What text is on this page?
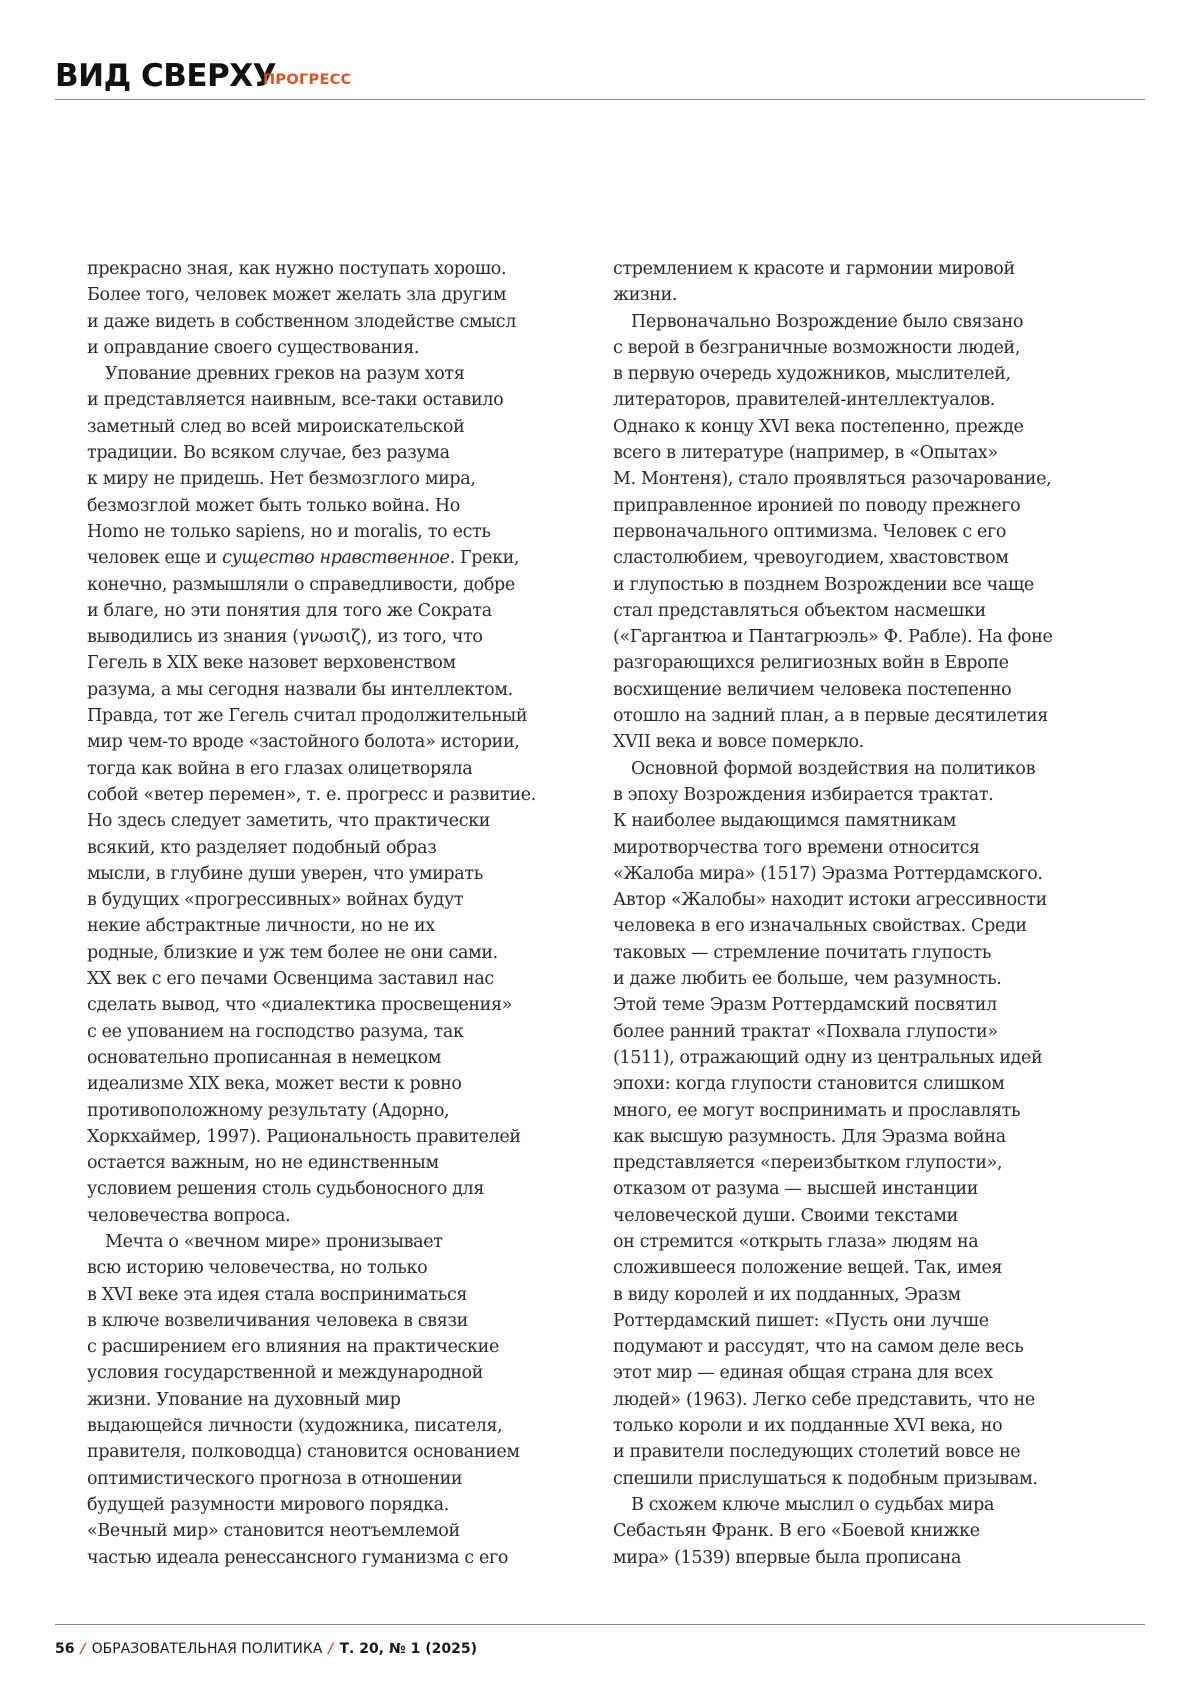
ВИД СВЕРХУ
ПРОГРЕСС
прекрасно зная, как нужно поступать хорошо.
Более того, человек может желать зла другим
и даже видеть в собственном злодействе смысл
и оправдание своего существования.
Упование древних греков на разум хотя
и представляется наивным, все-таки оставило
заметный след во всей мироискательской
традиции. Во всяком случае, без разума
к миру не придешь. Нет безмозглого мира,
безмозглой может быть только война. Но
Homo не только sapiens, но и moralis, то есть
человек еще и существо нравственное. Греки,
конечно, размышляли о справедливости, добре
и благе, но эти понятия для того же Сократа
выводились из знания (γνωσιζ), из того, что
Гегель в XIX веке назовет верховенством
разума, а мы сегодня назвали бы интеллектом.
Правда, тот же Гегель считал продолжительный
мир чем-то вроде «застойного болота» истории,
тогда как война в его глазах олицетворяла
собой «ветер перемен», т. е. прогресс и развитие.
Но здесь следует заметить, что практически
всякий, кто разделяет подобный образ
мысли, в глубине души уверен, что умирать
в будущих «прогрессивных» войнах будут
некие абстрактные личности, но не их
родные, близкие и уж тем более не они сами.
XX век с его печами Освенцима заставил нас
сделать вывод, что «диалектика просвещения»
с ее упованием на господство разума, так
основательно прописанная в немецком
идеализме XIX века, может вести к ровно
противоположному результату (Адорно,
Хоркхаймер, 1997). Рациональность правителей
остается важным, но не единственным
условием решения столь судьбоносного для
человечества вопроса.
Мечта о «вечном мире» пронизывает
всю историю человечества, но только
в XVI веке эта идея стала восприниматься
в ключе возвеличивания человека в связи
с расширением его влияния на практические
условия государственной и международной
жизни. Упование на духовный мир
выдающейся личности (художника, писателя,
правителя, полководца) становится основанием
оптимистического прогноза в отношении
будущей разумности мирового порядка.
«Вечный мир» становится неотъемлемой
частью идеала ренессансного гуманизма с его
стремлением к красоте и гармонии мировой
жизни.
Первоначально Возрождение было связано
с верой в безграничные возможности людей,
в первую очередь художников, мыслителей,
литераторов, правителей-интеллектуалов.
Однако к концу XVI века постепенно, прежде
всего в литературе (например, в «Опытах»
М. Монтеня), стало проявляться разочарование,
приправленное иронией по поводу прежнего
первоначального оптимизма. Человек с его
сластолюбием, чревоугодием, хвастовством
и глупостью в позднем Возрождении все чаще
стал представляться объектом насмешки
(«Гаргантюа и Пантагрюэль» Ф. Рабле). На фоне
разгорающихся религиозных войн в Европе
восхищение величием человека постепенно
отошло на задний план, а в первые десятилетия
XVII века и вовсе померкло.
Основной формой воздействия на политиков
в эпоху Возрождения избирается трактат.
К наиболее выдающимся памятникам
миротворчества того времени относится
«Жалоба мира» (1517) Эразма Роттердамского.
Автор «Жалобы» находит истоки агрессивности
человека в его изначальных свойствах. Среди
таковых — стремление почитать глупость
и даже любить ее больше, чем разумность.
Этой теме Эразм Роттердамский посвятил
более ранний трактат «Похвала глупости»
(1511), отражающий одну из центральных идей
эпохи: когда глупости становится слишком
много, ее могут воспринимать и прославлять
как высшую разумность. Для Эразма война
представляется «переизбытком глупости»,
отказом от разума — высшей инстанции
человеческой души. Своими текстами
он стремится «открыть глаза» людям на
сложившееся положение вещей. Так, имея
в виду королей и их подданных, Эразм
Роттердамский пишет: «Пусть они лучше
подумают и рассудят, что на самом деле весь
этот мир — единая общая страна для всех
людей» (1963). Легко себе представить, что не
только короли и их подданные XVI века, но
и правители последующих столетий вовсе не
спешили прислушаться к подобным призывам.
В схожем ключе мыслил о судьбах мира
Себастьян Франк. В его «Боевой книжке
мира» (1539) впервые была прописана
56 / ОБРАЗОВАТЕЛЬНАЯ ПОЛИТИКА / Т. 20, № 1 (2025)
